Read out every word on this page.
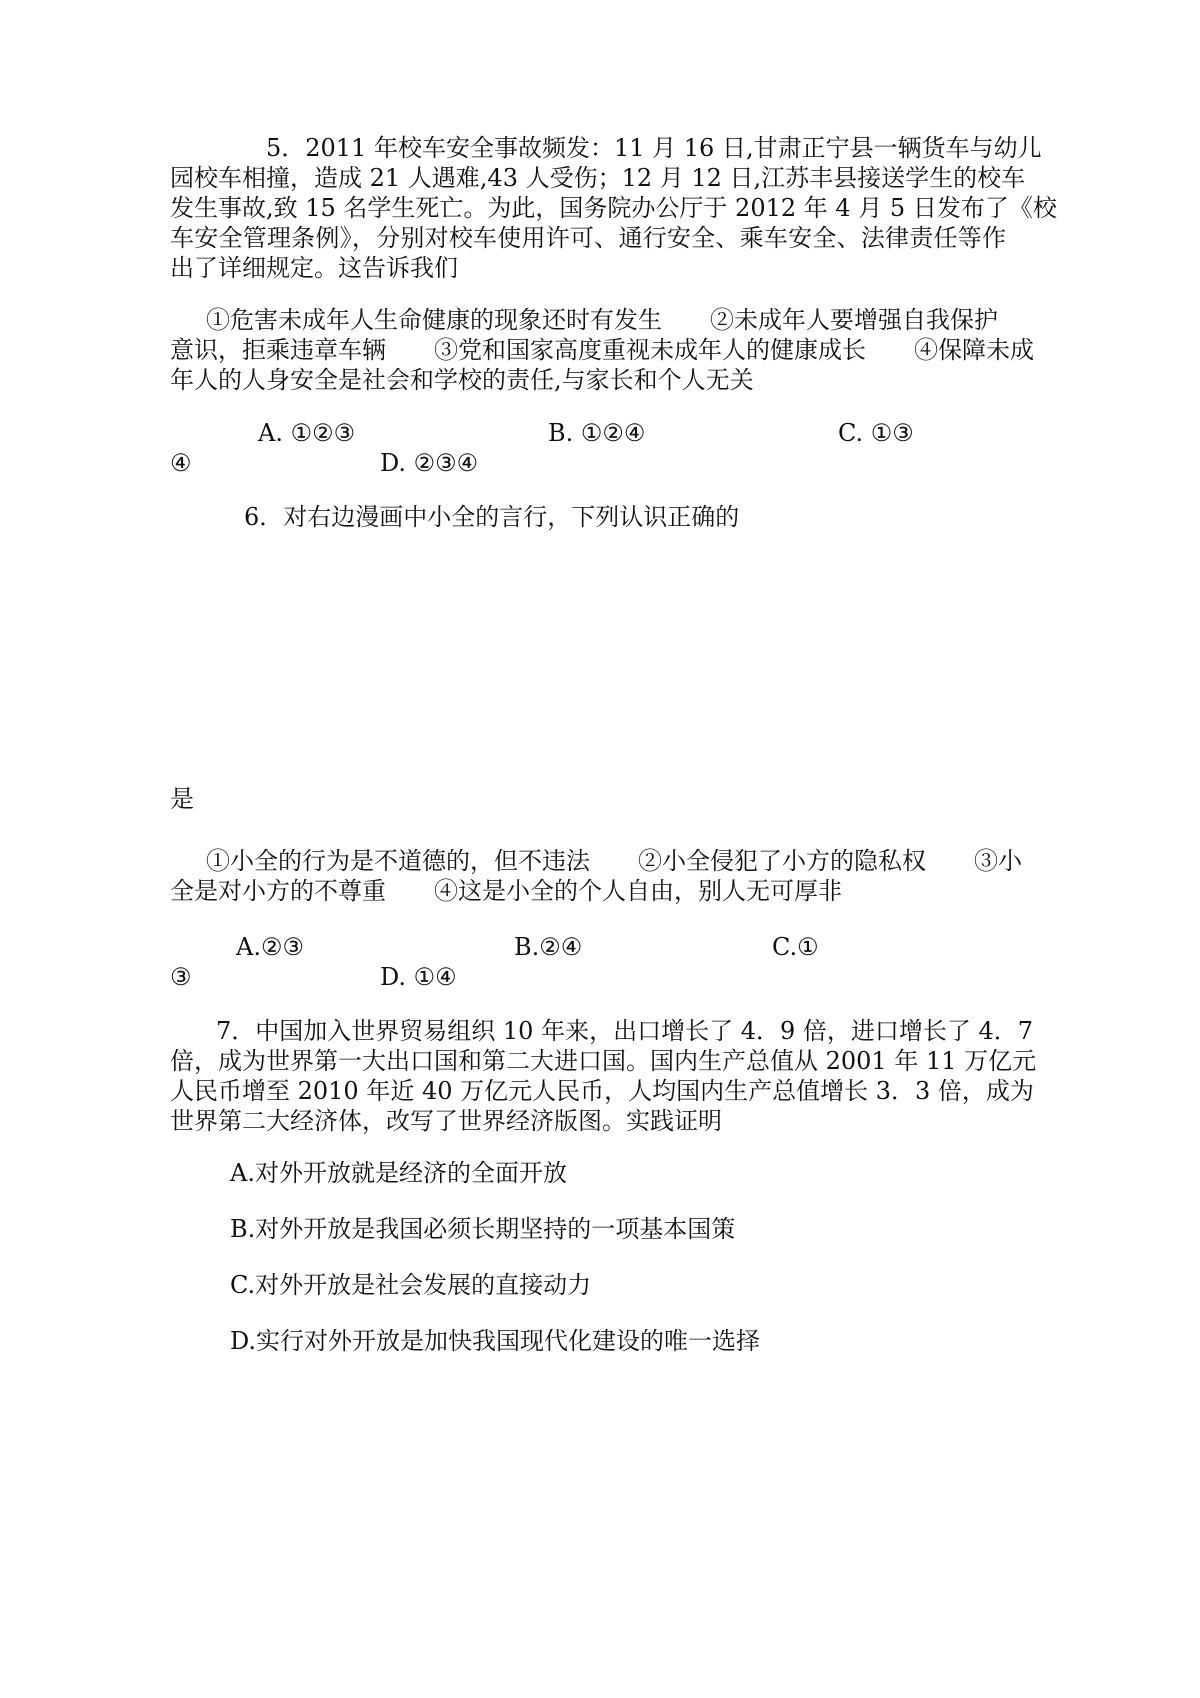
5．2011 年校车安全事故频发：11 月 16 日,甘肃正宁县一辆货车与幼儿
园校车相撞，造成 21 人遇难,43 人受伤；12 月 12 日,江苏丰县接送学生的校车
发生事故,致 15 名学生死亡。为此，国务院办公厅于 2012 年 4 月 5 日发布了《校
车安全管理条例》，分别对校车使用许可、通行安全、乘车安全、法律责任等作
出了详细规定。这告诉我们
①危害未成年人生命健康的现象还时有发生　　②未成年人要增强自我保护
意识，拒乘违章车辆　　③党和国家高度重视未成年人的健康成长　　④保障未成
年人的人身安全是社会和学校的责任,与家长和个人无关
A. ①②③	B. ①②④	C. ①③
④	D. ②③④
6．对右边漫画中小全的言行，下列认识正确的
是
①小全的行为是不道德的，但不违法　　②小全侵犯了小方的隐私权　　③小
全是对小方的不尊重　　④这是小全的个人自由，别人无可厚非
A.②③	B.②④	C.①
③	D. ①④
7．中国加入世界贸易组织 10 年来，出口增长了 4．9 倍，进口增长了 4．7
倍，成为世界第一大出口国和第二大进口国。国内生产总值从 2001 年 11 万亿元
人民币增至 2010 年近 40 万亿元人民币，人均国内生产总值增长 3．3 倍，成为
世界第二大经济体，改写了世界经济版图。实践证明
A.对外开放就是经济的全面开放
B.对外开放是我国必须长期坚持的一项基本国策
C.对外开放是社会发展的直接动力
D.实行对外开放是加快我国现代化建设的唯一选择
